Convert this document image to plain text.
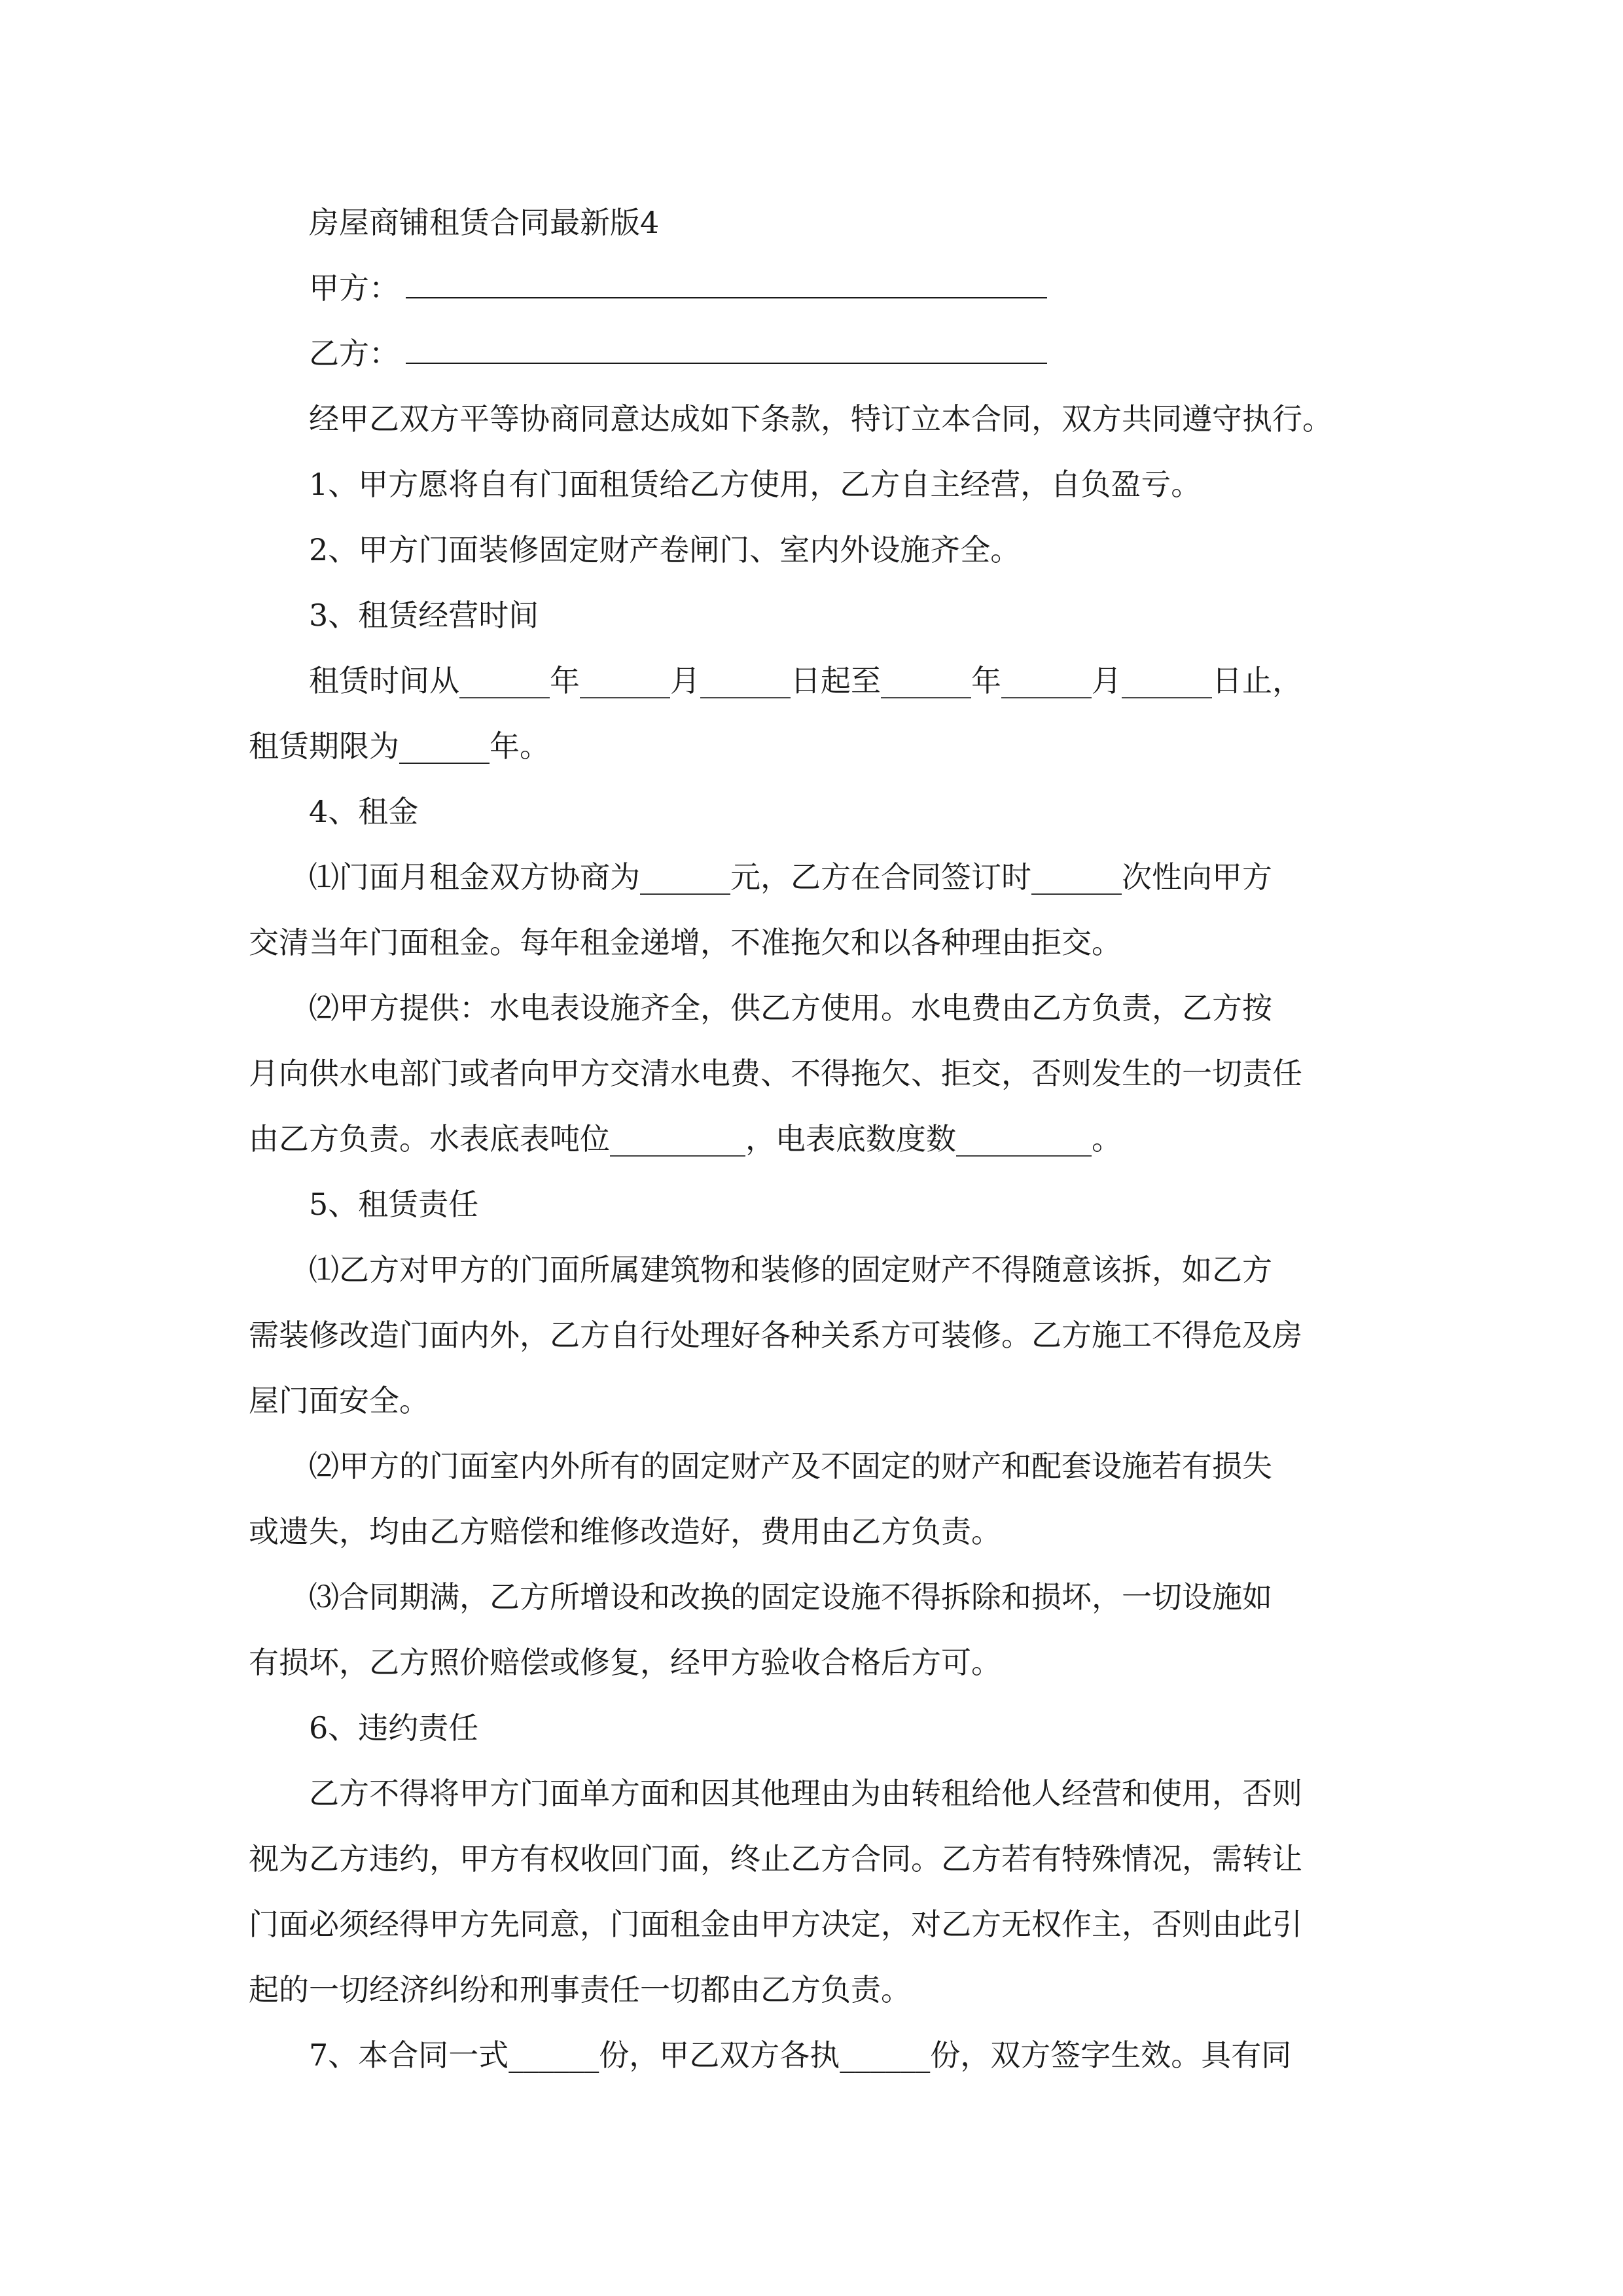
房屋商铺租赁合同最新版4

甲方：

乙方：

经甲乙双方平等协商同意达成如下条款，特订立本合同，双方共同遵守执行。

1、甲方愿将自有门面租赁给乙方使用，乙方自主经营，自负盈亏。

2、甲方门面装修固定财产卷闸门、室内外设施齐全。

3、租赁经营时间

租赁时间从______年______月______日起至______年______月______日止，

租赁期限为______年。

4、租金

⑴门面月租金双方协商为______元，乙方在合同签订时______次性向甲方

交清当年门面租金。每年租金递增，不准拖欠和以各种理由拒交。

⑵甲方提供：水电表设施齐全，供乙方使用。水电费由乙方负责，乙方按

月向供水电部门或者向甲方交清水电费、不得拖欠、拒交，否则发生的一切责任

由乙方负责。水表底表吨位_________，电表底数度数_________。

5、租赁责任

⑴乙方对甲方的门面所属建筑物和装修的固定财产不得随意该拆，如乙方

需装修改造门面内外，乙方自行处理好各种关系方可装修。乙方施工不得危及房

屋门面安全。

⑵甲方的门面室内外所有的固定财产及不固定的财产和配套设施若有损失

或遗失，均由乙方赔偿和维修改造好，费用由乙方负责。

⑶合同期满，乙方所增设和改换的固定设施不得拆除和损坏，一切设施如

有损坏，乙方照价赔偿或修复，经甲方验收合格后方可。

6、违约责任

乙方不得将甲方门面单方面和因其他理由为由转租给他人经营和使用，否则

视为乙方违约，甲方有权收回门面，终止乙方合同。乙方若有特殊情况，需转让

门面必须经得甲方先同意，门面租金由甲方决定，对乙方无权作主，否则由此引

起的一切经济纠纷和刑事责任一切都由乙方负责。

7、本合同一式______份，甲乙双方各执______份，双方签字生效。具有同
